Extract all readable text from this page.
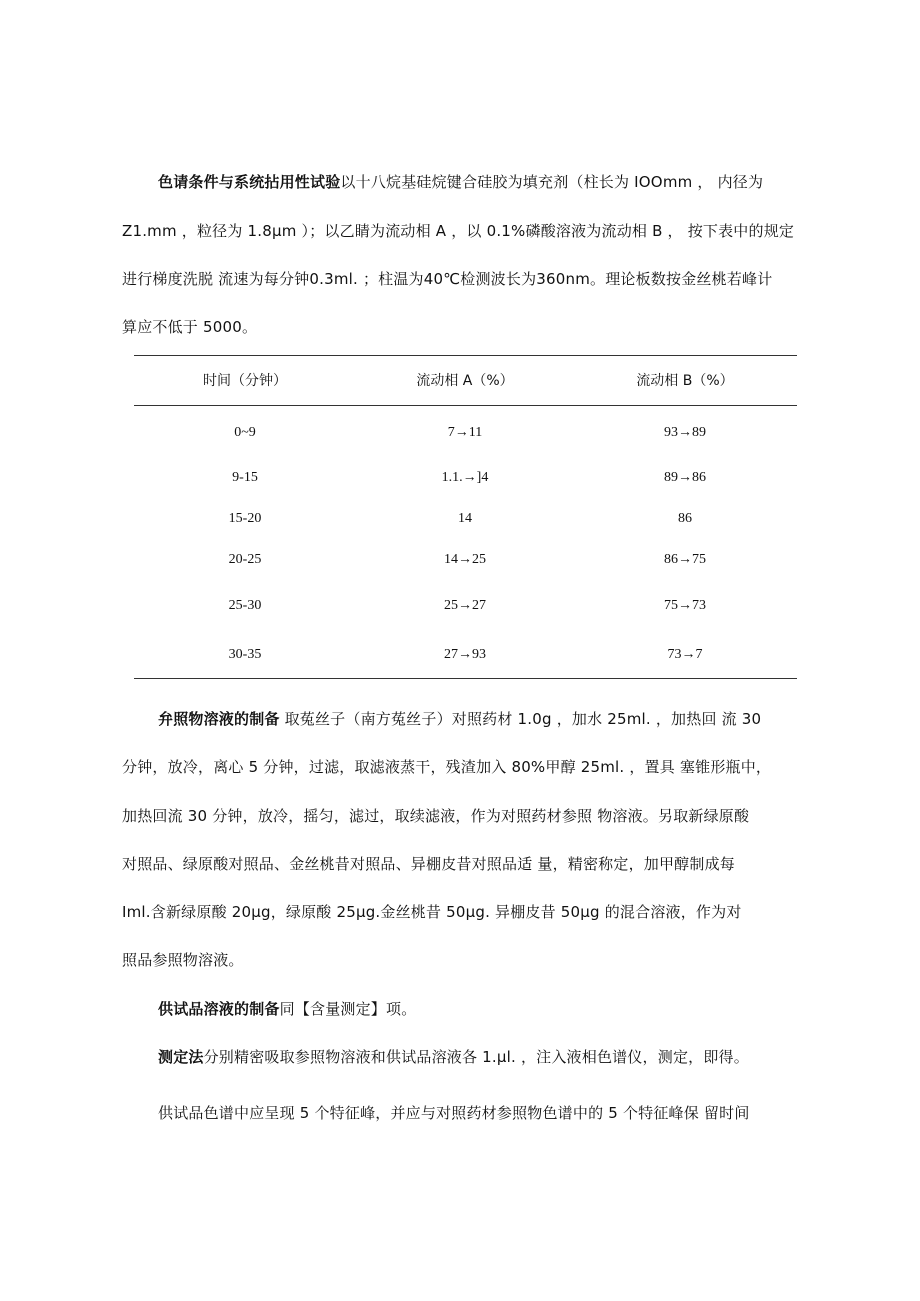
色请条件与系统拈用性试验以十八烷基硅烷键合硅胶为填充剂（柱长为 IOOmm ， 内径为
Z1.mm ，粒径为 1.8μm ）；以乙睛为流动相 A ，以 0.1%磷酸溶液为流动相 B ， 按下表中的规定
进行梯度洗脱 流速为每分钟0.3ml. ；柱温为40℃检测波长为360nm。理论板数按金丝桃若峰计
算应不低于 5000。
时间（分钟）	流动相 A（%）	流动相 B（%）
0~9	7→11	93→89
9-15	1.1.→]4	89→86
15-20	14	86
20-25	14→25	86→75
25-30	25→27	75→73
30-35	27→93	73→7
弁照物溶液的制备 取菟丝子（南方菟丝子）对照药材 1.0g ，加水 25ml. ，加热回 流 30
分钟，放冷，离心 5 分钟，过滤，取滤液蒸干，残渣加入 80%甲醇 25ml. ，置具 塞锥形瓶中，
加热回流 30 分钟，放冷，摇匀，滤过，取续滤液，作为对照药材参照 物溶液。另取新绿原酸
对照品、绿原酸对照品、金丝桃昔对照品、异棚皮昔对照品适 量，精密称定，加甲醇制成每
Iml.含新绿原酸 20μg，绿原酸 25μg.金丝桃昔 50μg. 异棚皮昔 50μg 的混合溶液，作为对
照品参照物溶液。
供试品溶液的制备同【含量测定】项。
测定法分别精密吸取参照物溶液和供试品溶液各 1.μl. ，注入液相色谱仪，测定，即得。
供试品色谱中应呈现 5 个特征峰，并应与对照药材参照物色谱中的 5 个特征峰保 留时间
